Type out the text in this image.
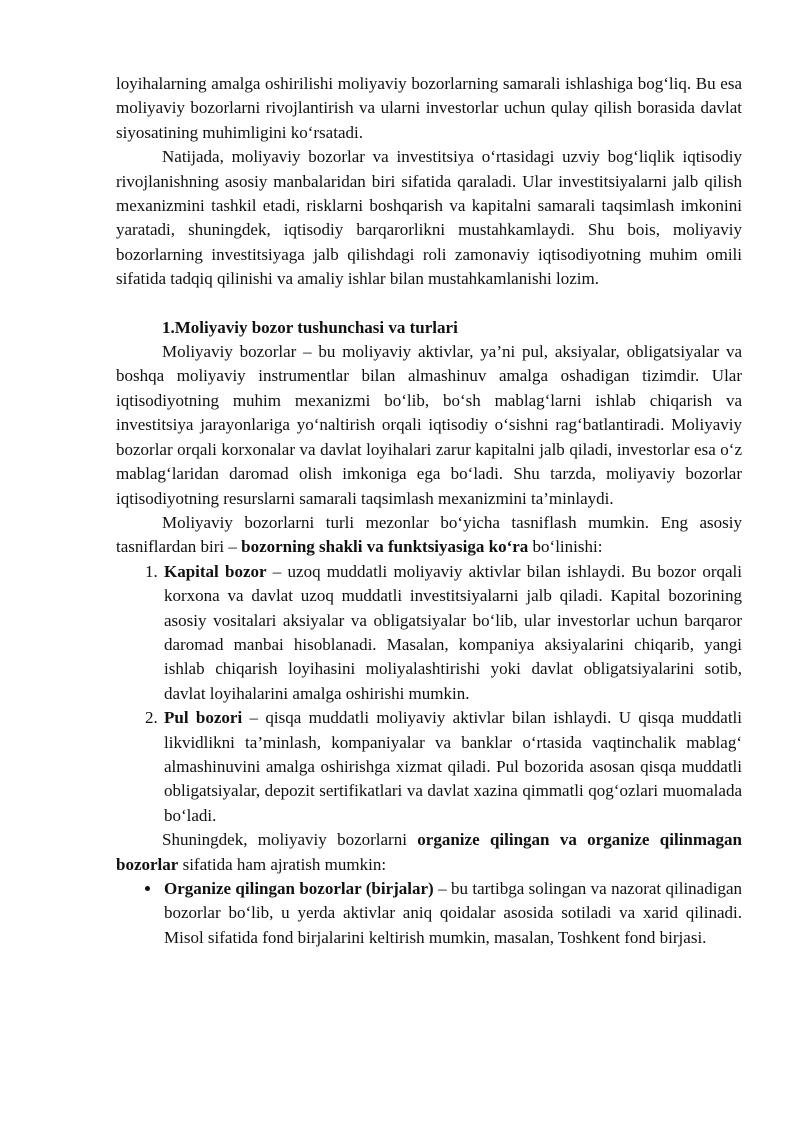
loyihalarning amalga oshirilishi moliyaviy bozorlarning samarali ishlashiga bog‘liq. Bu esa moliyaviy bozorlarni rivojlantirish va ularni investorlar uchun qulay qilish borasida davlat siyosatining muhimligini ko‘rsatadi.

Natijada, moliyaviy bozorlar va investitsiya o‘rtasidagi uzviy bog‘liqlik iqtisodiy rivojlanishning asosiy manbalaridan biri sifatida qaraladi. Ular investitsiyalarni jalb qilish mexanizmini tashkil etadi, risklarni boshqarish va kapitalni samarali taqsimlash imkonini yaratadi, shuningdek, iqtisodiy barqarorlikni mustahkamlaydi. Shu bois, moliyaviy bozorlarning investitsiyaga jalb qilishdagi roli zamonaviy iqtisodiyotning muhim omili sifatida tadqiq qilinishi va amaliy ishlar bilan mustahkamlanishi lozim.

1.Moliyaviy bozor tushunchasi va turlari

Moliyaviy bozorlar – bu moliyaviy aktivlar, ya’ni pul, aksiyalar, obligatsiyalar va boshqa moliyaviy instrumentlar bilan almashinuv amalga oshadigan tizimdir. Ular iqtisodiyotning muhim mexanizmi bo‘lib, bo‘sh mablag‘larni ishlab chiqarish va investitsiya jarayonlariga yo‘naltirish orqali iqtisodiy o‘sishni rag‘batlantiradi. Moliyaviy bozorlar orqali korxonalar va davlat loyihalari zarur kapitalni jalb qiladi, investorlar esa o‘z mablag‘laridan daromad olish imkoniga ega bo‘ladi. Shu tarzda, moliyaviy bozorlar iqtisodiyotning resurslarni samarali taqsimlash mexanizmini ta’minlaydi.

Moliyaviy bozorlarni turli mezonlar bo‘yicha tasniflash mumkin. Eng asosiy tasniflardan biri – bozorning shakli va funktsiyasiga ko‘ra bo‘linishi:

1. Kapital bozor – uzoq muddatli moliyaviy aktivlar bilan ishlaydi. Bu bozor orqali korxona va davlat uzoq muddatli investitsiyalarni jalb qiladi. Kapital bozorining asosiy vositalari aksiyalar va obligatsiyalar bo‘lib, ular investorlar uchun barqaror daromad manbai hisoblanadi. Masalan, kompaniya aksiyalarini chiqarib, yangi ishlab chiqarish loyihasini moliyalashtirishi yoki davlat obligatsiyalarini sotib, davlat loyihalarini amalga oshirishi mumkin.
2. Pul bozori – qisqa muddatli moliyaviy aktivlar bilan ishlaydi. U qisqa muddatli likvidlikni ta’minlash, kompaniyalar va banklar o‘rtasida vaqtinchalik mablag‘ almashinuvini amalga oshirishga xizmat qiladi. Pul bozorida asosan qisqa muddatli obligatsiyalar, depozit sertifikatlari va davlat xazina qimmatli qog‘ozlari muomalada bo‘ladi.

Shuningdek, moliyaviy bozorlarni organize qilingan va organize qilinmagan bozorlar sifatida ham ajratish mumkin:

• Organize qilingan bozorlar (birjalar) – bu tartibga solingan va nazorat qilinadigan bozorlar bo‘lib, u yerda aktivlar aniq qoidalar asosida sotiladi va xarid qilinadi. Misol sifatida fond birjalarini keltirish mumkin, masalan, Toshkent fond birjasi.
